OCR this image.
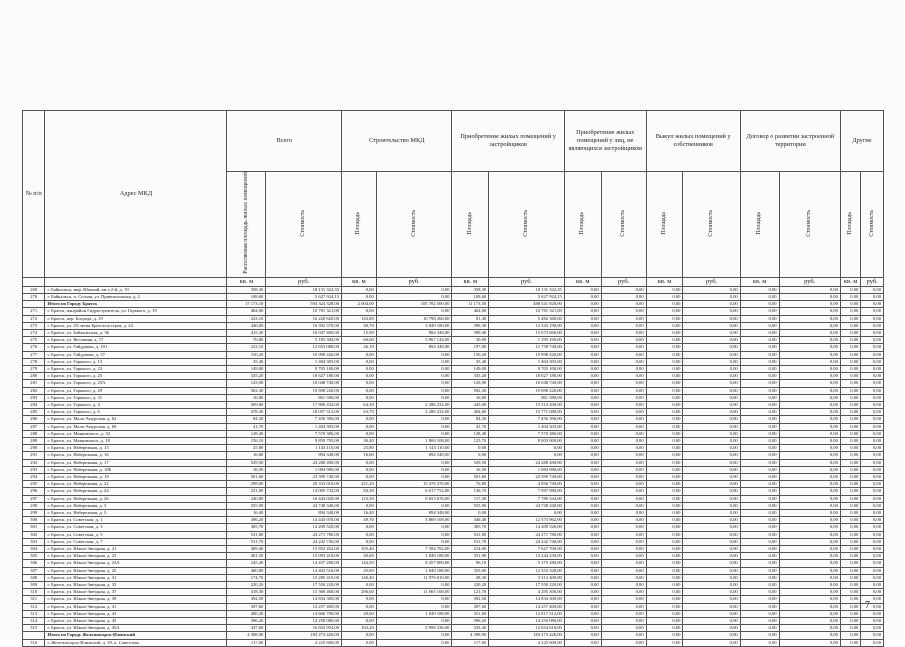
№ п/п	Адрес МКД	Всего		Строительство МКД		Приобретение жилых помещений у застройщиков		Приобретение жилых помещений у лиц, не являющихся застройщиком		Выкуп жилых помещений у собственников		Договор о развитии застроенной территории		Другие	
		Расселяемая площадь жилых помещений	Стоимость	Площадь	Стоимость	Площадь	Стоимость	Площадь	Стоимость	Площадь	Стоимость	Площадь	Стоимость	Площадь	Стоимость
		кв. м	руб.	кв. м	руб.	кв. м	руб.	кв. м	руб.	кв. м	руб.	кв. м	руб.	кв. м	руб.
269	г. Байкальск, мкр. Южный, кв-л 2-й, д. 19	358,30	18 131 322,35	0,00	0,00	358,30	18 131 322,35	0,00	0,00	0,00	0,00	0,00	0,00	0,00	0,00
270	г. Байкальск, п. Солзан, ул. Привокзальная, д. 2	108,60	5 627 924,15	0,00	0,00	108,60	5 627 924,15	0,00	0,00	0,00	0,00	0,00	0,00	0,00	0,00
	Итого по Городу Братск	17 173,10	594 324 328,00	2 004,00	105 782 500,00	11 173,50	488 541 828,00	0,00	0,00	0,00	0,00	0,00	0,00	0,00	0,00
271	г. Братск, жилрайон Гидростроитель, ул. Горького, д. 19	464,00	10 781 321,00	0,00	0,00	464,00	10 781 321,00	0,00	0,00	0,00	0,00	0,00	0,00	0,00	0,00
272	г. Братск, пер. Бограда, д. 19	223,10	16 220 620,00	143,80	10 798 260,00	81,40	5 482 360,00	0,00	0,00	0,00	0,00	0,00	0,00	0,00	0,00
273	г. Братск, ул. 25-летия Братскгэсстроя, д. 24	440,00	16 392 370,00	40,70	3 849 180,00	399,30	12 543 190,00	0,00	0,00	0,00	0,00	0,00	0,00	0,00	0,00
274	г. Братск, ул. Байкальская, д. 36	415,30	16 947 400,00	15,90	884 348,00	399,40	15 673 060,00	0,00	0,00	0,00	0,00	0,00	0,00	0,00	0,00
275	г. Братск, ул. Весенняя, д. 17	76,80	5 185 384,00	66,00	3 967 144,00	30,00	1 195 160,00	0,00	0,00	0,00	0,00	0,00	0,00	0,00	0,00
276	г. Братск, ул. Гайдукова, д. 101	223,10	12 653 088,00	26,10	894 348,00	197,00	11 758 740,00	0,00	0,00	0,00	0,00	0,00	0,00	0,00	0,00
277	г. Братск, ул. Гайдукова, д. 57	150,20	10 998 420,00	0,00	0,00	150,20	10 998 420,00	0,00	0,00	0,00	0,00	0,00	0,00	0,00	0,00
278	г. Братск, ул. Горького, д. 13	35,40	1 404 305,00	0,00	0,00	35,40	1 404 305,00	0,00	0,00	0,00	0,00	0,00	0,00	0,00	0,00
279	г. Братск, ул. Горького, д. 23	149,00	9 705 100,00	0,00	0,00	149,00	9 705 100,00	0,00	0,00	0,00	0,00	0,00	0,00	0,00	0,00
280	г. Братск, ул. Горького, д. 25	335,20	18 627 180,00	0,00	0,00	335,20	18 627 180,00	0,00	0,00	0,00	0,00	0,00	0,00	0,00	0,00
281	г. Братск, ул. Горького, д. 25А	143,90	10 048 740,00	0,00	0,00	143,90	10 048 740,00	0,00	0,00	0,00	0,00	0,00	0,00	0,00	0,00
282	г. Братск, ул. Горького, д. 29	502,30	19 698 220,00	0,00	0,00	502,30	19 698 220,00	0,00	0,00	0,00	0,00	0,00	0,00	0,00	0,00
283	г. Братск, ул. Горького, д. 31	16,80	861 580,00	0,00	0,00	16,80	861 580,00	0,00	0,00	0,00	0,00	0,00	0,00	0,00	0,00
284	г. Братск, ул. Горького, д. 4	569,80	17 809 432,00	64,30	2 286 232,00	445,00	15 514 200,00	0,00	0,00	0,00	0,00	0,00	0,00	0,00	0,00
285	г. Братск, ул. Горького, д. 6	478,30	18 057 312,00	63,70	2 286 232,00	404,60	15 771 080,00	0,00	0,00	0,00	0,00	0,00	0,00	0,00	0,00
286	г. Братск, ул. Мало-Амурская, д. 62	84,30	7 456 396,00	0,00	0,00	84,30	7 456 396,00	0,00	0,00	0,00	0,00	0,00	0,00	0,00	0,00
287	г. Братск, ул. Мало-Амурская, д. 69	41,70	1 404 305,00	0,00	0,00	41,70	1 404 305,00	0,00	0,00	0,00	0,00	0,00	0,00	0,00	0,00
288	г. Братск, ул. Маяковского, д. 33	128,40	7 570 386,00	0,00	0,00	128,40	7 570 386,00	0,00	0,00	0,00	0,00	0,00	0,00	0,00	0,00
289	г. Братск, ул. Маяковского, д. 18	156,10	9 859 795,00	30,40	1 869 108,00	125,70	8 003 000,00	0,00	0,00	0,00	0,00	0,00	0,00	0,00	0,00
290	г. Братск, ул. Набережная, д. 15	25,80	1 143 110,00	25,80	1 143 110,00	0,00	0,00	0,00	0,00	0,00	0,00	0,00	0,00	0,00	0,00
291	г. Братск, ул. Набережная, д. 16	16,60	894 348,00	16,60	894 348,00	0,00	0,00	0,00	0,00	0,00	0,00	0,00	0,00	0,00	0,00
292	г. Братск, ул. Набережная, д. 17	529,50	24 288 490,00	0,00	0,00	529,50	24 288 490,00	0,00	0,00	0,00	0,00	0,00	0,00	0,00	0,00
293	г. Братск, ул. Набережная, д. 18Б	16,50	1 084 980,00	0,00	0,00	16,50	1 084 980,00	0,00	0,00	0,00	0,00	0,00	0,00	0,00	0,00
294	г. Братск, ул. Набережная, д. 18	501,60	23 399 740,00	0,00	0,00	501,60	23 399 740,00	0,00	0,00	0,00	0,00	0,00	0,00	0,00	0,00
295	г. Братск, ул. Набережная, д. 22	298,00	20 333 016,00	221,20	15 376 376,00	76,80	4 956 740,00	0,00	0,00	0,00	0,00	0,00	0,00	0,00	0,00
296	г. Братск, ул. Набережная, д. 24	221,00	14 005 732,00	84,30	6 017 752,00	136,70	7 987 980,00	0,00	0,00	0,00	0,00	0,00	0,00	0,00	0,00
297	г. Братск, ул. Набережная, д. 26	240,80	16 443 020,00	123,50	8 653 676,00	117,30	7 789 344,00	0,00	0,00	0,00	0,00	0,00	0,00	0,00	0,00
298	г. Братск, ул. Набережная, д. 3	555,90	24 748 340,00	0,00	0,00	555,90	24 748 340,00	0,00	0,00	0,00	0,00	0,00	0,00	0,00	0,00
299	г. Братск, ул. Набережная, д. 5	16,40	894 348,00	16,40	894 348,00	0,00	0,00	0,00	0,00	0,00	0,00	0,00	0,00	0,00	0,00
300	г. Братск, ул. Советская, д. 1	396,20	14 443 070,00	49,70	3 869 108,00	346,40	12 573 962,00	0,00	0,00	0,00	0,00	0,00	0,00	0,00	0,00
301	г. Братск, ул. Советская, д. 3	305,70	14 209 520,00	0,00	0,00	305,70	14 209 520,00	0,00	0,00	0,00	0,00	0,00	0,00	0,00	0,00
302	г. Братск, ул. Советская, д. 5	531,80	24 271 780,00	0,00	0,00	531,80	24 271 780,00	0,00	0,00	0,00	0,00	0,00	0,00	0,00	0,00
303	г. Братск, ул. Советская, д. 7	531,70	24 242 740,00	0,00	0,00	531,70	24 242 740,00	0,00	0,00	0,00	0,00	0,00	0,00	0,00	0,00
304	г. Братск, ул. Южно-Звездная, д. 21	409,40	15 852 452,00	195,40	7 394 782,00	214,00	7 627 700,00	0,00	0,00	0,00	0,00	0,00	0,00	0,00	0,00
305	г. Братск, ул. Южно-Звездная, д. 23	401,50	15 093 418,00	49,60	1 849 188,00	351,90	13 244 230,00	0,00	0,00	0,00	0,00	0,00	0,00	0,00	0,00
306	г. Братск, ул. Южно-Звездная, д. 23А	245,40	14 437 280,00	144,50	8 457 000,00	96,10	5 175 280,00	0,00	0,00	0,00	0,00	0,00	0,00	0,00	0,00
307	г. Братск, ул. Южно-Звездная, д. 25	400,80	14 402 516,00	45,80	1 849 188,00	355,00	12 553 328,00	0,00	0,00	0,00	0,00	0,00	0,00	0,00	0,00
308	г. Братск, ул. Южно-Звездная, д. 31	174,70	15 285 410,00	146,40	11 976 010,00	28,30	3 312 400,00	0,00	0,00	0,00	0,00	0,00	0,00	0,00	0,00
309	г. Братск, ул. Южно-Звездная, д. 33	220,20	17 550 220,00	0,00	0,00	220,20	17 550 220,00	0,00	0,00	0,00	0,00	0,00	0,00	0,00	0,00
310	г. Братск, ул. Южно-Звездная, д. 37	418,30	15 360 468,00	296,60	11 065 168,00	121,70	4 295 300,00	0,00	0,00	0,00	0,00	0,00	0,00	0,00	0,00
311	г. Братск, ул. Южно-Звездная, д. 39	392,50	14 834 300,00	0,00	0,00	392,50	14 834 300,00	0,00	0,00	0,00	0,00	0,00	0,00	0,00	0,00
312	г. Братск, ул. Южно-Звездная, д. 41	397,60	14 257 400,00	0,00	0,00	397,60	14 257 400,00	0,00	0,00	0,00	0,00	0,00	0,00	0,00	0,00
313	г. Братск, ул. Южно-Звездная, д. 43	400,20	14 666 700,00	49,60	1 849 188,00	351,60	12 817 512,00	0,00	0,00	0,00	0,00	0,00	0,00	0,00	0,00
314	г. Братск, ул. Южно-Звездная, д. 45	396,20	14 250 080,00	0,00	0,00	396,20	14 250 080,00	0,00	0,00	0,00	0,00	0,00	0,00	0,00	0,00
315	г. Братск, ул. Южно-Звездная, д. 45А	437,60	16 652 954,00	102,20	3 998 336,00	335,40	12 654 618,00	0,00	0,00	0,00	0,00	0,00	0,00	0,00	0,00
	Итого по Городу Железногорск-Илимский	4 398,90	183 273 426,00	0,00	0,00	4 398,90	183 273 426,00	0,00	0,00	0,00	0,00	0,00	0,00	0,00	0,00
316	г. Железногорск-Илимский, д. 39, к. Советская	117,60	4 225 600,00	0,00	0,00	117,60	4 225 600,00	0,00	0,00	0,00	0,00	0,00	0,00	0,00	0,00
7
